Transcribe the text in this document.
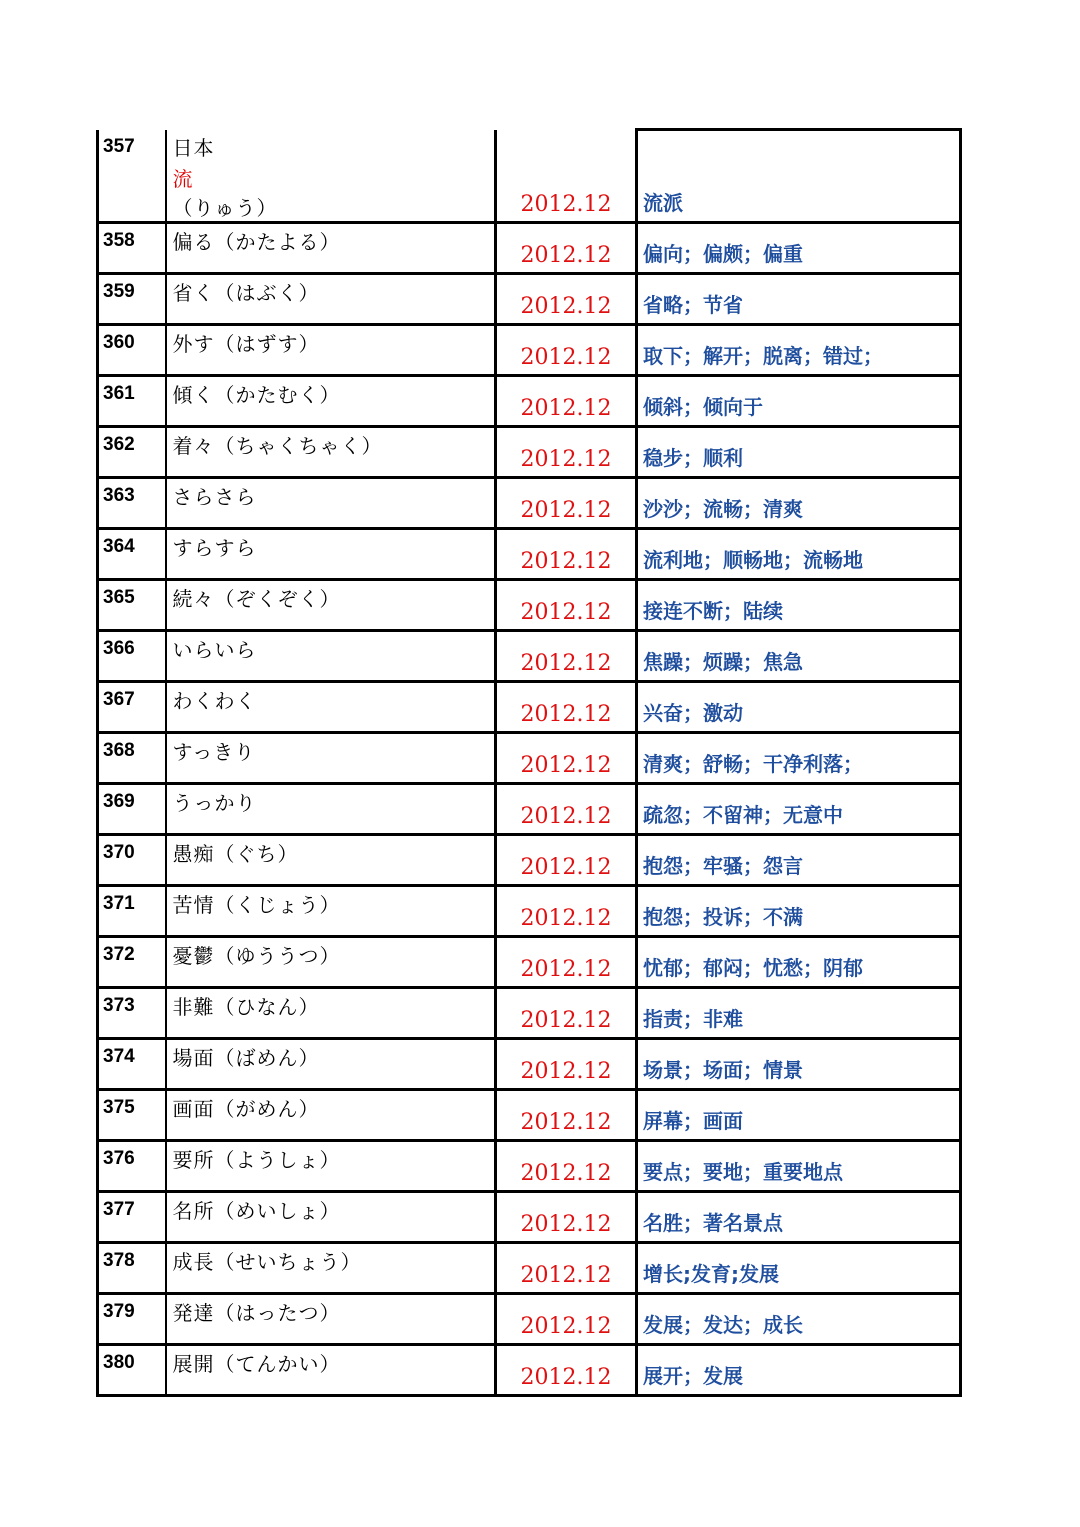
357	日本
流
（りゅう）	2012.12	流派

358	偏る（かたよる）	2012.12	偏向；偏颇；偏重

359	省く（はぶく）	2012.12	省略；节省

360	外す（はずす）	2012.12	取下；解开；脱离；错过；

361	傾く（かたむく）	2012.12	倾斜；倾向于

362	着々（ちゃくちゃく）	2012.12	稳步；顺利

363	さらさら	2012.12	沙沙；流畅；清爽

364	すらすら	2012.12	流利地；顺畅地；流畅地

365	続々（ぞくぞく）	2012.12	接连不断；陆续

366	いらいら	2012.12	焦躁；烦躁；焦急

367	わくわく	2012.12	兴奋；激动

368	すっきり	2012.12	清爽；舒畅；干净利落；

369	うっかり	2012.12	疏忽；不留神；无意中

370	愚痴（ぐち）	2012.12	抱怨；牢骚；怨言

371	苦情（くじょう）	2012.12	抱怨；投诉；不满

372	憂鬱（ゆううつ）	2012.12	忧郁；郁闷；忧愁；阴郁

373	非難（ひなん）	2012.12	指责；非难

374	場面（ばめん）	2012.12	场景；场面；情景

375	画面（がめん）	2012.12	屏幕；画面

376	要所（ようしょ）	2012.12	要点；要地；重要地点

377	名所（めいしょ）	2012.12	名胜；著名景点

378	成長（せいちょう）	2012.12	增长;发育;发展

379	発達（はったつ）	2012.12	发展；发达；成长

380	展開（てんかい）	2012.12	展开；发展
